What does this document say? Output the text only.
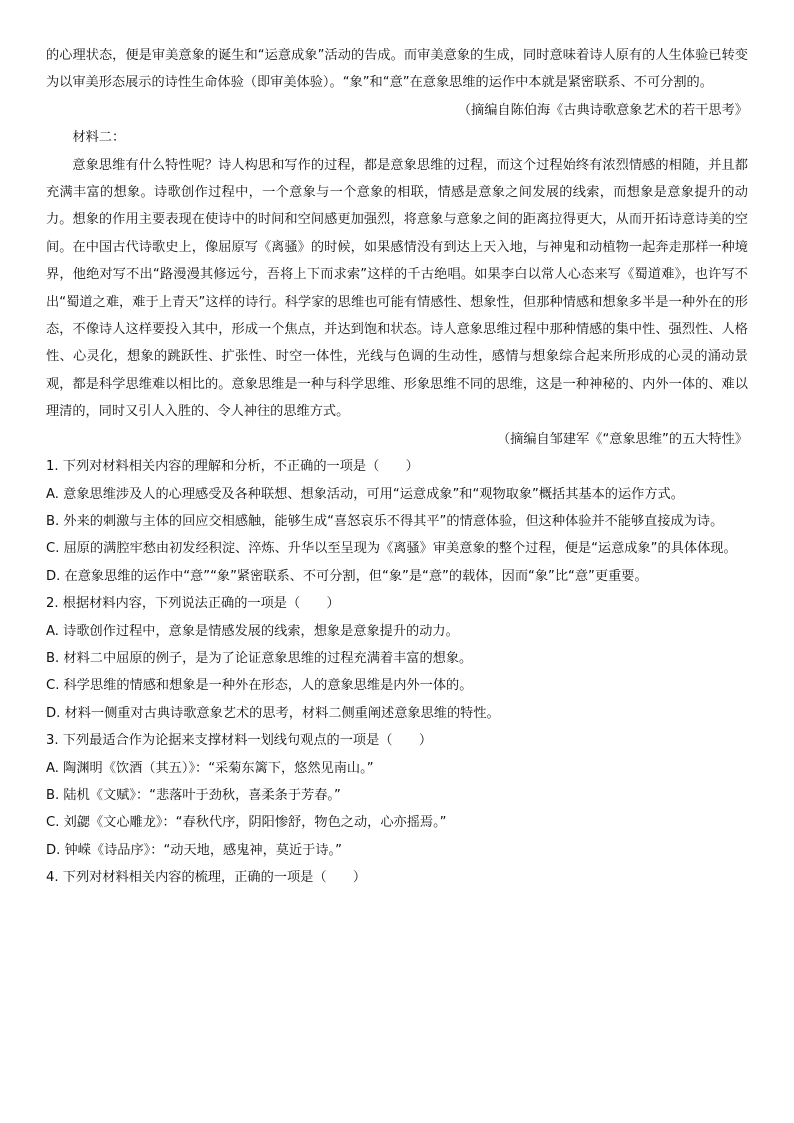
的心理状态，便是审美意象的诞生和“运意成象”活动的告成。而审美意象的生成，同时意味着诗人原有的人生体验已转变为以审美形态展示的诗性生命体验（即审美体验）。“象”和“意”在意象思维的运作中本就是紧密联系、不可分割的。

（摘编自陈伯海《古典诗歌意象艺术的若干思考》

材料二：

意象思维有什么特性呢？诗人构思和写作的过程，都是意象思维的过程，而这个过程始终有浓烈情感的相随，并且都充满丰富的想象。诗歌创作过程中，一个意象与一个意象的相联，情感是意象之间发展的线索，而想象是意象提升的动力。想象的作用主要表现在使诗中的时间和空间感更加强烈，将意象与意象之间的距离拉得更大，从而开拓诗意诗美的空间。在中国古代诗歌史上，像屈原写《离骚》的时候，如果感情没有到达上天入地，与神鬼和动植物一起奔走那样一种境界，他绝对写不出“路漫漫其修远兮，吾将上下而求索”这样的千古绝唱。如果李白以常人心态来写《蜀道难》，也许写不出“蜀道之难，难于上青天”这样的诗行。科学家的思维也可能有情感性、想象性，但那种情感和想象多半是一种外在的形态，不像诗人这样要投入其中，形成一个焦点，并达到饱和状态。诗人意象思维过程中那种情感的集中性、强烈性、人格性、心灵化，想象的跳跃性、扩张性、时空一体性，光线与色调的生动性，感情与想象综合起来所形成的心灵的涌动景观，都是科学思维难以相比的。意象思维是一种与科学思维、形象思维不同的思维，这是一种神秘的、内外一体的、难以理清的，同时又引人入胜的、令人神往的思维方式。

（摘编自邹建军《“意象思维”的五大特性》

1. 下列对材料相关内容的理解和分析，不正确的一项是（　　）

A. 意象思维涉及人的心理感受及各种联想、想象活动，可用“运意成象”和“观物取象”概括其基本的运作方式。

B. 外来的刺激与主体的回应交相感触，能够生成“喜怒哀乐不得其平”的情意体验，但这种体验并不能够直接成为诗。

C. 屈原的满腔牢愁由初发经积淀、淬炼、升华以至呈现为《离骚》审美意象的整个过程，便是“运意成象”的具体体现。

D. 在意象思维的运作中“意”“象”紧密联系、不可分割，但“象”是“意”的载体，因而“象”比“意”更重要。

2. 根据材料内容，下列说法正确的一项是（　　）

A. 诗歌创作过程中，意象是情感发展的线索，想象是意象提升的动力。

B. 材料二中屈原的例子，是为了论证意象思维的过程充满着丰富的想象。

C. 科学思维的情感和想象是一种外在形态，人的意象思维是内外一体的。

D. 材料一侧重对古典诗歌意象艺术的思考，材料二侧重阐述意象思维的特性。

3. 下列最适合作为论据来支撑材料一划线句观点的一项是（　　）

A. 陶渊明《饮酒（其五）》：“采菊东篱下，悠然见南山。”

B. 陆机《文赋》：“悲落叶于劲秋，喜柔条于芳春。”

C. 刘勰《文心雕龙》：“春秋代序，阴阳惨舒，物色之动，心亦摇焉。”

D. 钟嵘《诗品序》：“动天地，感鬼神，莫近于诗。”

4. 下列对材料相关内容的梳理，正确的一项是（　　）
